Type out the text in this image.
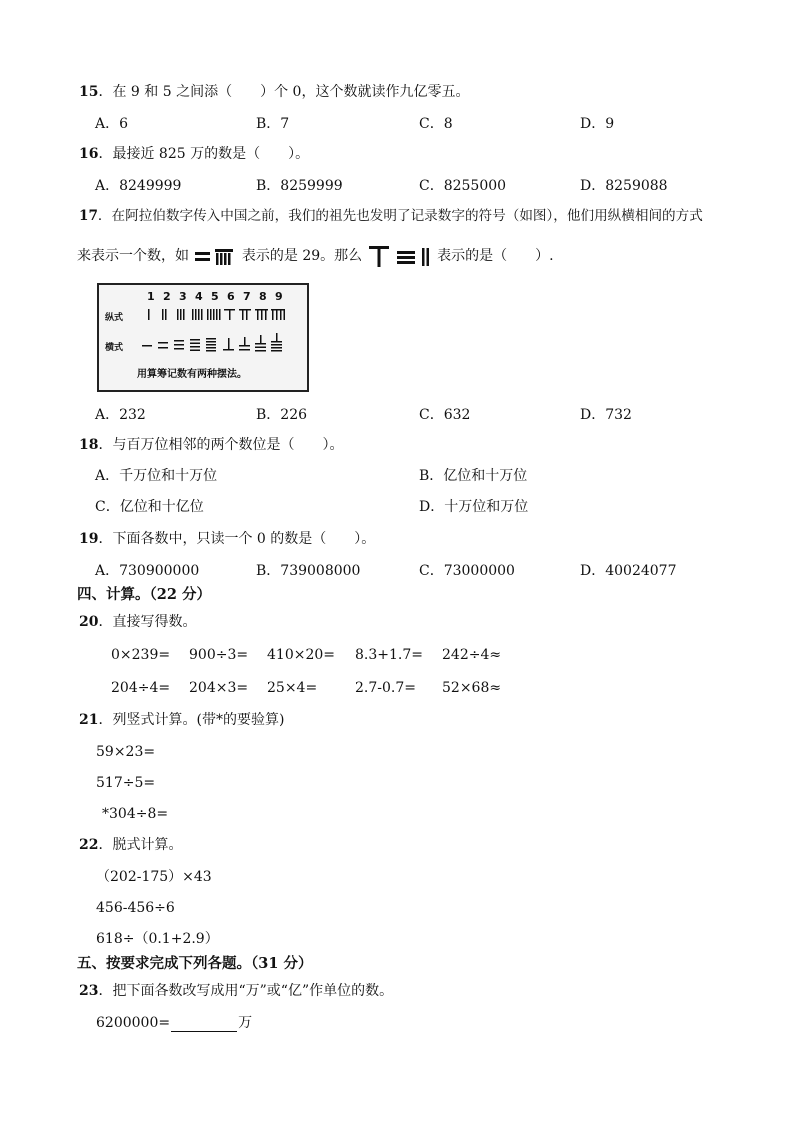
15．在 9 和 5 之间添（　　）个 0，这个数就读作九亿零五。
A．6	B．7	C．8	D．9
16．最接近 825 万的数是（　　）。
A．8249999	B．8259999	C．8255000	D．8259088
17．在阿拉伯数字传入中国之前，我们的祖先也发明了记录数字的符号（如图），他们用纵横相间的方式
来表示一个数，如	表示的是 29。那么	表示的是（　　）.
1 2 3 4 5 6 7 8 9
纵式
横式
用算筹记数有两种摆法。
A．232	B．226	C．632	D．732
18．与百万位相邻的两个数位是（　　）。
A．千万位和十万位	B．亿位和十万位
C．亿位和十亿位	D．十万位和万位
19．下面各数中，只读一个 0 的数是（　　）。
A．730900000	B．739008000	C．73000000	D．40024077
四、计算。（22 分）
20．直接写得数。
0×239= 900÷3= 410×20= 8.3+1.7= 242÷4≈
204÷4= 204×3= 25×4=	2.7-0.7= 52×68≈
21．列竖式计算。(带*的要验算)
59×23=
517÷5=
*304÷8=
22．脱式计算。
（202-175）×43
456-456÷6
618÷（0.1+2.9）
五、按要求完成下列各题。（31 分）
23．把下面各数改写成用“万”或“亿”作单位的数。
6200000=	万
